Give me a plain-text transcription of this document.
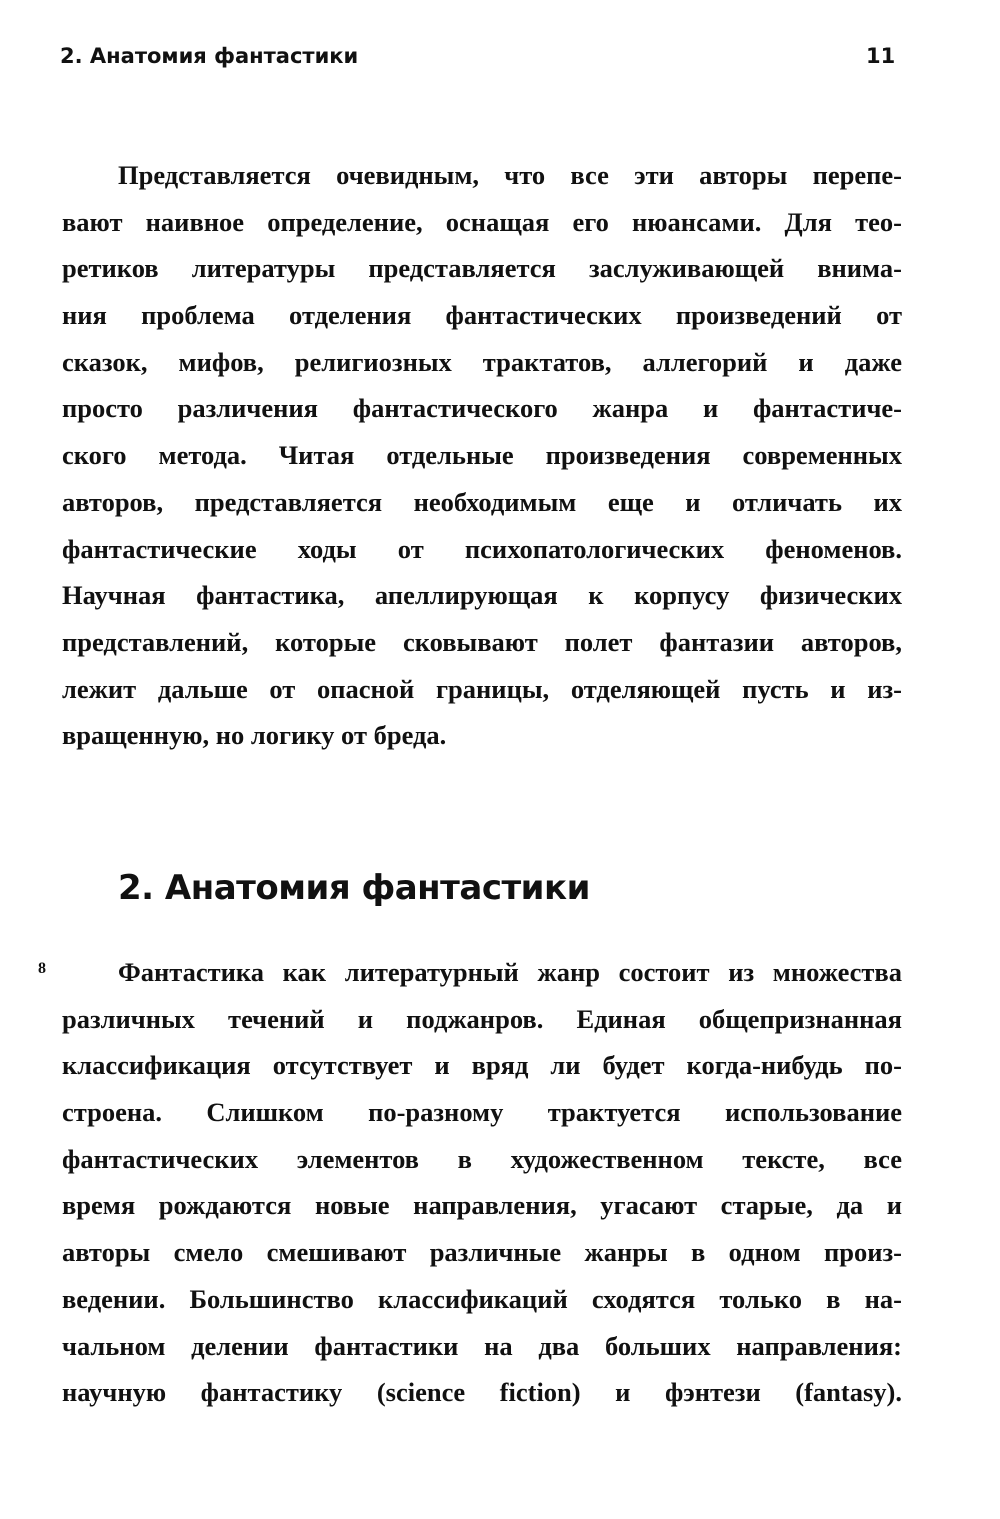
2. Анатомия фантастики	11
Представляется очевидным, что все эти авторы перепе-
вают наивное определение, оснащая его нюансами. Для тео-
ретиков литературы представляется заслуживающей внима-
ния проблема отделения фантастических произведений от
сказок, мифов, религиозных трактатов, аллегорий и даже
просто различения фантастического жанра и фантастиче-
ского метода. Читая отдельные произведения современных
авторов, представляется необходимым еще и отличать их
фантастические ходы от психопатологических феноменов.
Научная фантастика, апеллирующая к корпусу физических
представлений, которые сковывают полет фантазии авторов,
лежит дальше от опасной границы, отделяющей пусть и из-
вращенную, но логику от бреда.
2. Анатомия фантастики
8	Фантастика как литературный жанр состоит из множества
различных течений и поджанров. Единая общепризнанная
классификация отсутствует и вряд ли будет когда-нибудь по-
строена. Слишком по-разному трактуется использование
фантастических элементов в художественном тексте, все
время рождаются новые направления, угасают старые, да и
авторы смело смешивают различные жанры в одном произ-
ведении. Большинство классификаций сходятся только в на-
чальном делении фантастики на два больших направления:
научную фантастику (science fiction) и фэнтези (fantasy).
